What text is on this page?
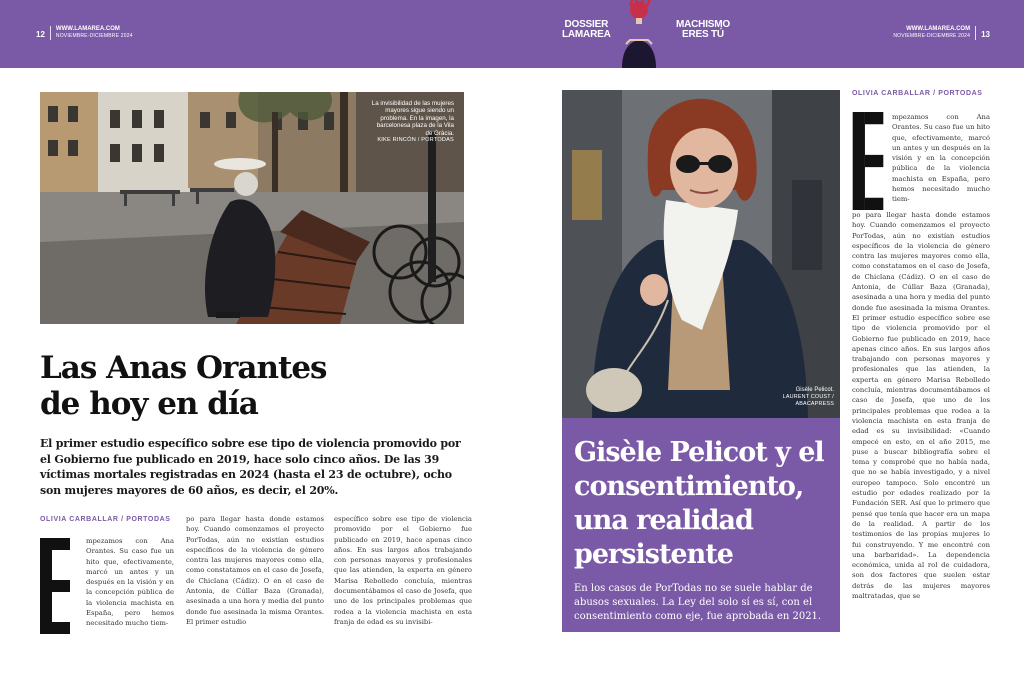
12
WWW.LAMAREA.COM
NOVIEMBRE-DICIEMBRE 2024
WWW.LAMAREA.COM
NOVIEMBRE-DICIEMBRE 2024 13
DOSSIER
LAMAREA
MACHISMO
ERES TÚ
La invisibilidad de las mujeres mayores sigue siendo un problema. En la imagen, la barcelonesa plaza de la Vila de Gràcia.
KIKE RINCÓN / PORTODAS
Las Anas Orantes
de hoy en día

El primer estudio específico sobre ese tipo de violencia promovido por el Gobierno fue publicado en 2019, hace solo cinco años. De las 39 víctimas mortales registradas en 2024 (hasta el 23 de octubre), ocho son mujeres mayores de 60 años, es decir, el 20%.

OLIVIA CARBALLAR / PORTODAS
mpezamos con Ana Orantes. Su caso fue un hito que, efectivamente, marcó un antes y un después en la visión y en la concepción pública de la violencia machista en España, pero hemos necesitado mucho tiem-
po para llegar hasta donde estamos hoy. Cuando comenzamos el proyecto PorTodas, aún no existían estudios específicos de la violencia de género contra las mujeres mayores como ella, como constatamos en el caso de Josefa, de Chiclana (Cádiz). O en el caso de Antonia, de Cúllar Baza (Granada), asesinada a una hora y media del punto donde fue asesinada la misma Orantes. El primer estudio
específico sobre ese tipo de violencia promovido por el Gobierno fue publicado en 2019, hace apenas cinco años. En sus largos años trabajando con personas mayores y profesionales que las atienden, la experta en género Marisa Rebolledo concluía, mientras documentábamos el caso de Josefa, que uno de los principales problemas que rodea a la violencia machista en esta franja de edad es su invisibi-
Gisèle Pelicot.
LAURENT COUST / ABACAPRESS
Gisèle Pelicot y el consentimiento, una realidad persistente

En los casos de PorTodas no se suele hablar de abusos sexuales. La Ley del solo sí es sí, con el consentimiento como eje, fue aprobada en 2021.

OLIVIA CARBALLAR / PORTODAS
mpezamos con Ana Orantes. Su caso fue un hito que, efectivamente, marcó un antes y un después en la visión y en la concepción pública de la violencia machista en España, pero hemos necesitado mucho tiem-
po para llegar hasta donde estamos hoy. Cuando comenzamos el proyecto PorTodas, aún no existían estudios específicos de la violencia de género contra las mujeres mayores como ella, como constatamos en el caso de Josefa, de Chiclana (Cádiz). O en el caso de Antonia, de Cúllar Baza (Granada), asesinada a una hora y media del punto donde fue asesinada la misma Orantes. El primer estudio específico sobre ese tipo de violencia promovido por el Gobierno fue publicado en 2019, hace apenas cinco años. En sus largos años trabajando con personas mayores y profesionales que las atienden, la experta en género Marisa Rebolledo concluía, mientras documentábamos el caso de Josefa, que uno de los principales problemas que rodea a la violencia machista en esta franja de edad es su invisibilidad: «Cuando empecé en esto, en el año 2015, me puse a buscar bibliografía sobre el tema y comprobé que no había nada, que no se había investigado, y a nivel europeo tampoco. Solo encontré un estudio por edades realizado por la Fundación SER. Así que lo primero que pensé que tenía que hacer era un mapa de la realidad. A partir de los testimonios de las propias mujeres lo fui construyendo. Y me encontré con una barbaridad». La dependencia económica, unida al rol de cuidadora, son dos factores que suelen estar detrás de las mujeres mayores maltratadas, que se
